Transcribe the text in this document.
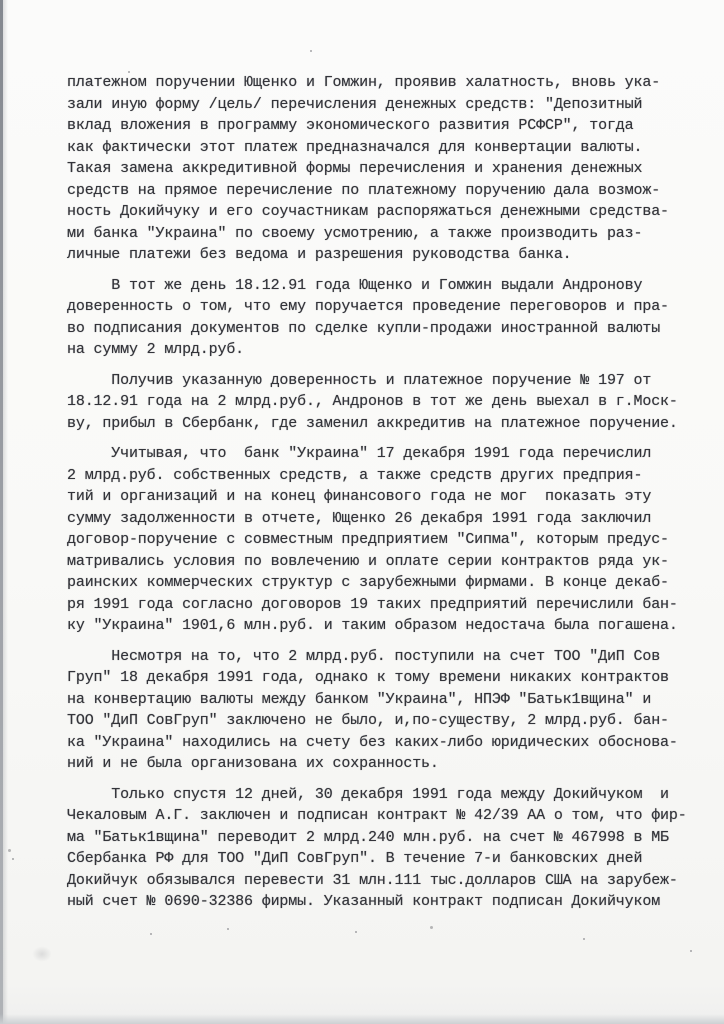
платежном поручении Ющенко и Гомжин, проявив халатность, вновь ука-
зали иную форму /цель/ перечисления денежных средств: "Депозитный
вклад вложения в программу экономического развития РСФСР", тогда
как фактически этот платеж предназначался для конвертации валюты.
Такая замена аккредитивной формы перечисления и хранения денежных
средств на прямое перечисление по платежному поручению дала возмож-
ность Докийчуку и его соучастникам распоряжаться денежными средства-
ми банка "Украина" по своему усмотрению, а также производить раз-
личные платежи без ведома и разрешения руководства банка.
В тот же день 18.12.91 года Ющенко и Гомжин выдали Андронову
доверенность о том, что ему поручается проведение переговоров и пра-
во подписания документов по сделке купли-продажи иностранной валюты
на сумму 2 млрд.руб.
Получив указанную доверенность и платежное поручение № 197 от
18.12.91 года на 2 млрд.руб., Андронов в тот же день выехал в г.Моск-
ву, прибыл в Сбербанк, где заменил аккредитив на платежное поручение.
Учитывая, что  банк "Украина" 17 декабря 1991 года перечислил
2 млрд.руб. собственных средств, а также средств других предприя-
тий и организаций и на конец финансового года не мог  показать эту
сумму задолженности в отчете, Ющенко 26 декабря 1991 года заключил
договор-поручение с совместным предприятием "Сипма", которым предус-
матривались условия по вовлечению и оплате серии контрактов ряда ук-
раинских коммерческих структур с зарубежными фирмами. В конце декаб-
ря 1991 года согласно договоров 19 таких предприятий перечислили бан-
ку "Украина" 1901,6 млн.руб. и таким образом недостача была погашена.
Несмотря на то, что 2 млрд.руб. поступили на счет ТОО "ДиП Сов
Груп" 18 декабря 1991 года, однако к тому времени никаких контрактов
на конвертацию валюты между банком "Украина", НПЭФ "Батьк1вщина" и
ТОО "ДиП СовГруп" заключено не было, и,по-существу, 2 млрд.руб. бан-
ка "Украина" находились на счету без каких-либо юридических обоснова-
ний и не была организована их сохранность.
Только спустя 12 дней, 30 декабря 1991 года между Докийчуком  и
Чекаловым А.Г. заключен и подписан контракт № 42/39 АА о том, что фир-
ма "Батьк1вщина" переводит 2 млрд.240 млн.руб. на счет № 467998 в МБ
Сбербанка РФ для ТОО "ДиП СовГруп". В течение 7-и банковских дней
Докийчук обязывался перевести 31 млн.111 тыс.долларов США на зарубеж-
ный счет № 0690-32386 фирмы. Указанный контракт подписан Докийчуком
